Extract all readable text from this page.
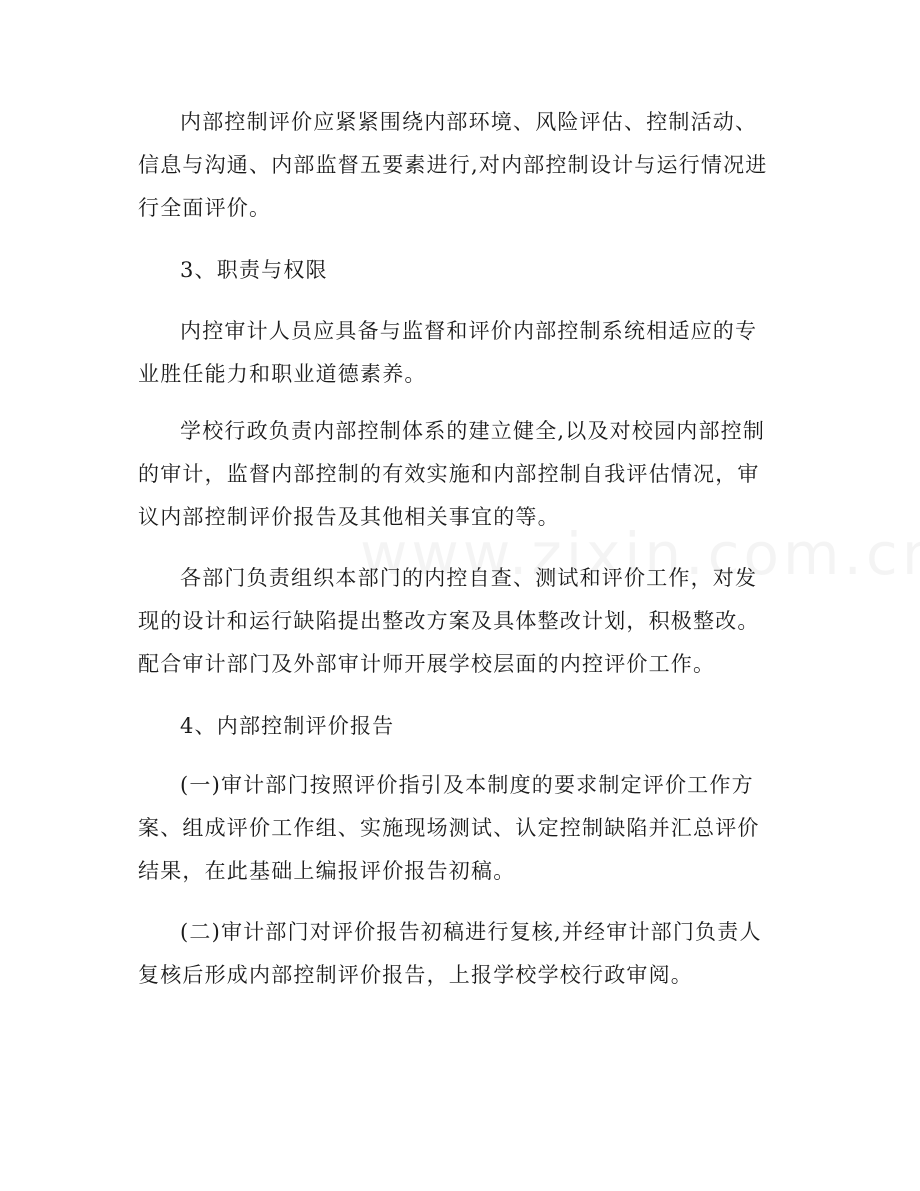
内部控制评价应紧紧围绕内部环境、风险评估、控制活动、
信息与沟通、内部监督五要素进行,对内部控制设计与运行情况进
行全面评价。

3、职责与权限

内控审计人员应具备与监督和评价内部控制系统相适应的专
业胜任能力和职业道德素养。

学校行政负责内部控制体系的建立健全,以及对校园内部控制
的审计，监督内部控制的有效实施和内部控制自我评估情况，审
议内部控制评价报告及其他相关事宜的等。

各部门负责组织本部门的内控自查、测试和评价工作，对发
现的设计和运行缺陷提出整改方案及具体整改计划，积极整改。
配合审计部门及外部审计师开展学校层面的内控评价工作。

4、内部控制评价报告

(一)审计部门按照评价指引及本制度的要求制定评价工作方
案、组成评价工作组、实施现场测试、认定控制缺陷并汇总评价
结果，在此基础上编报评价报告初稿。

(二)审计部门对评价报告初稿进行复核,并经审计部门负责人
复核后形成内部控制评价报告，上报学校学校行政审阅。
